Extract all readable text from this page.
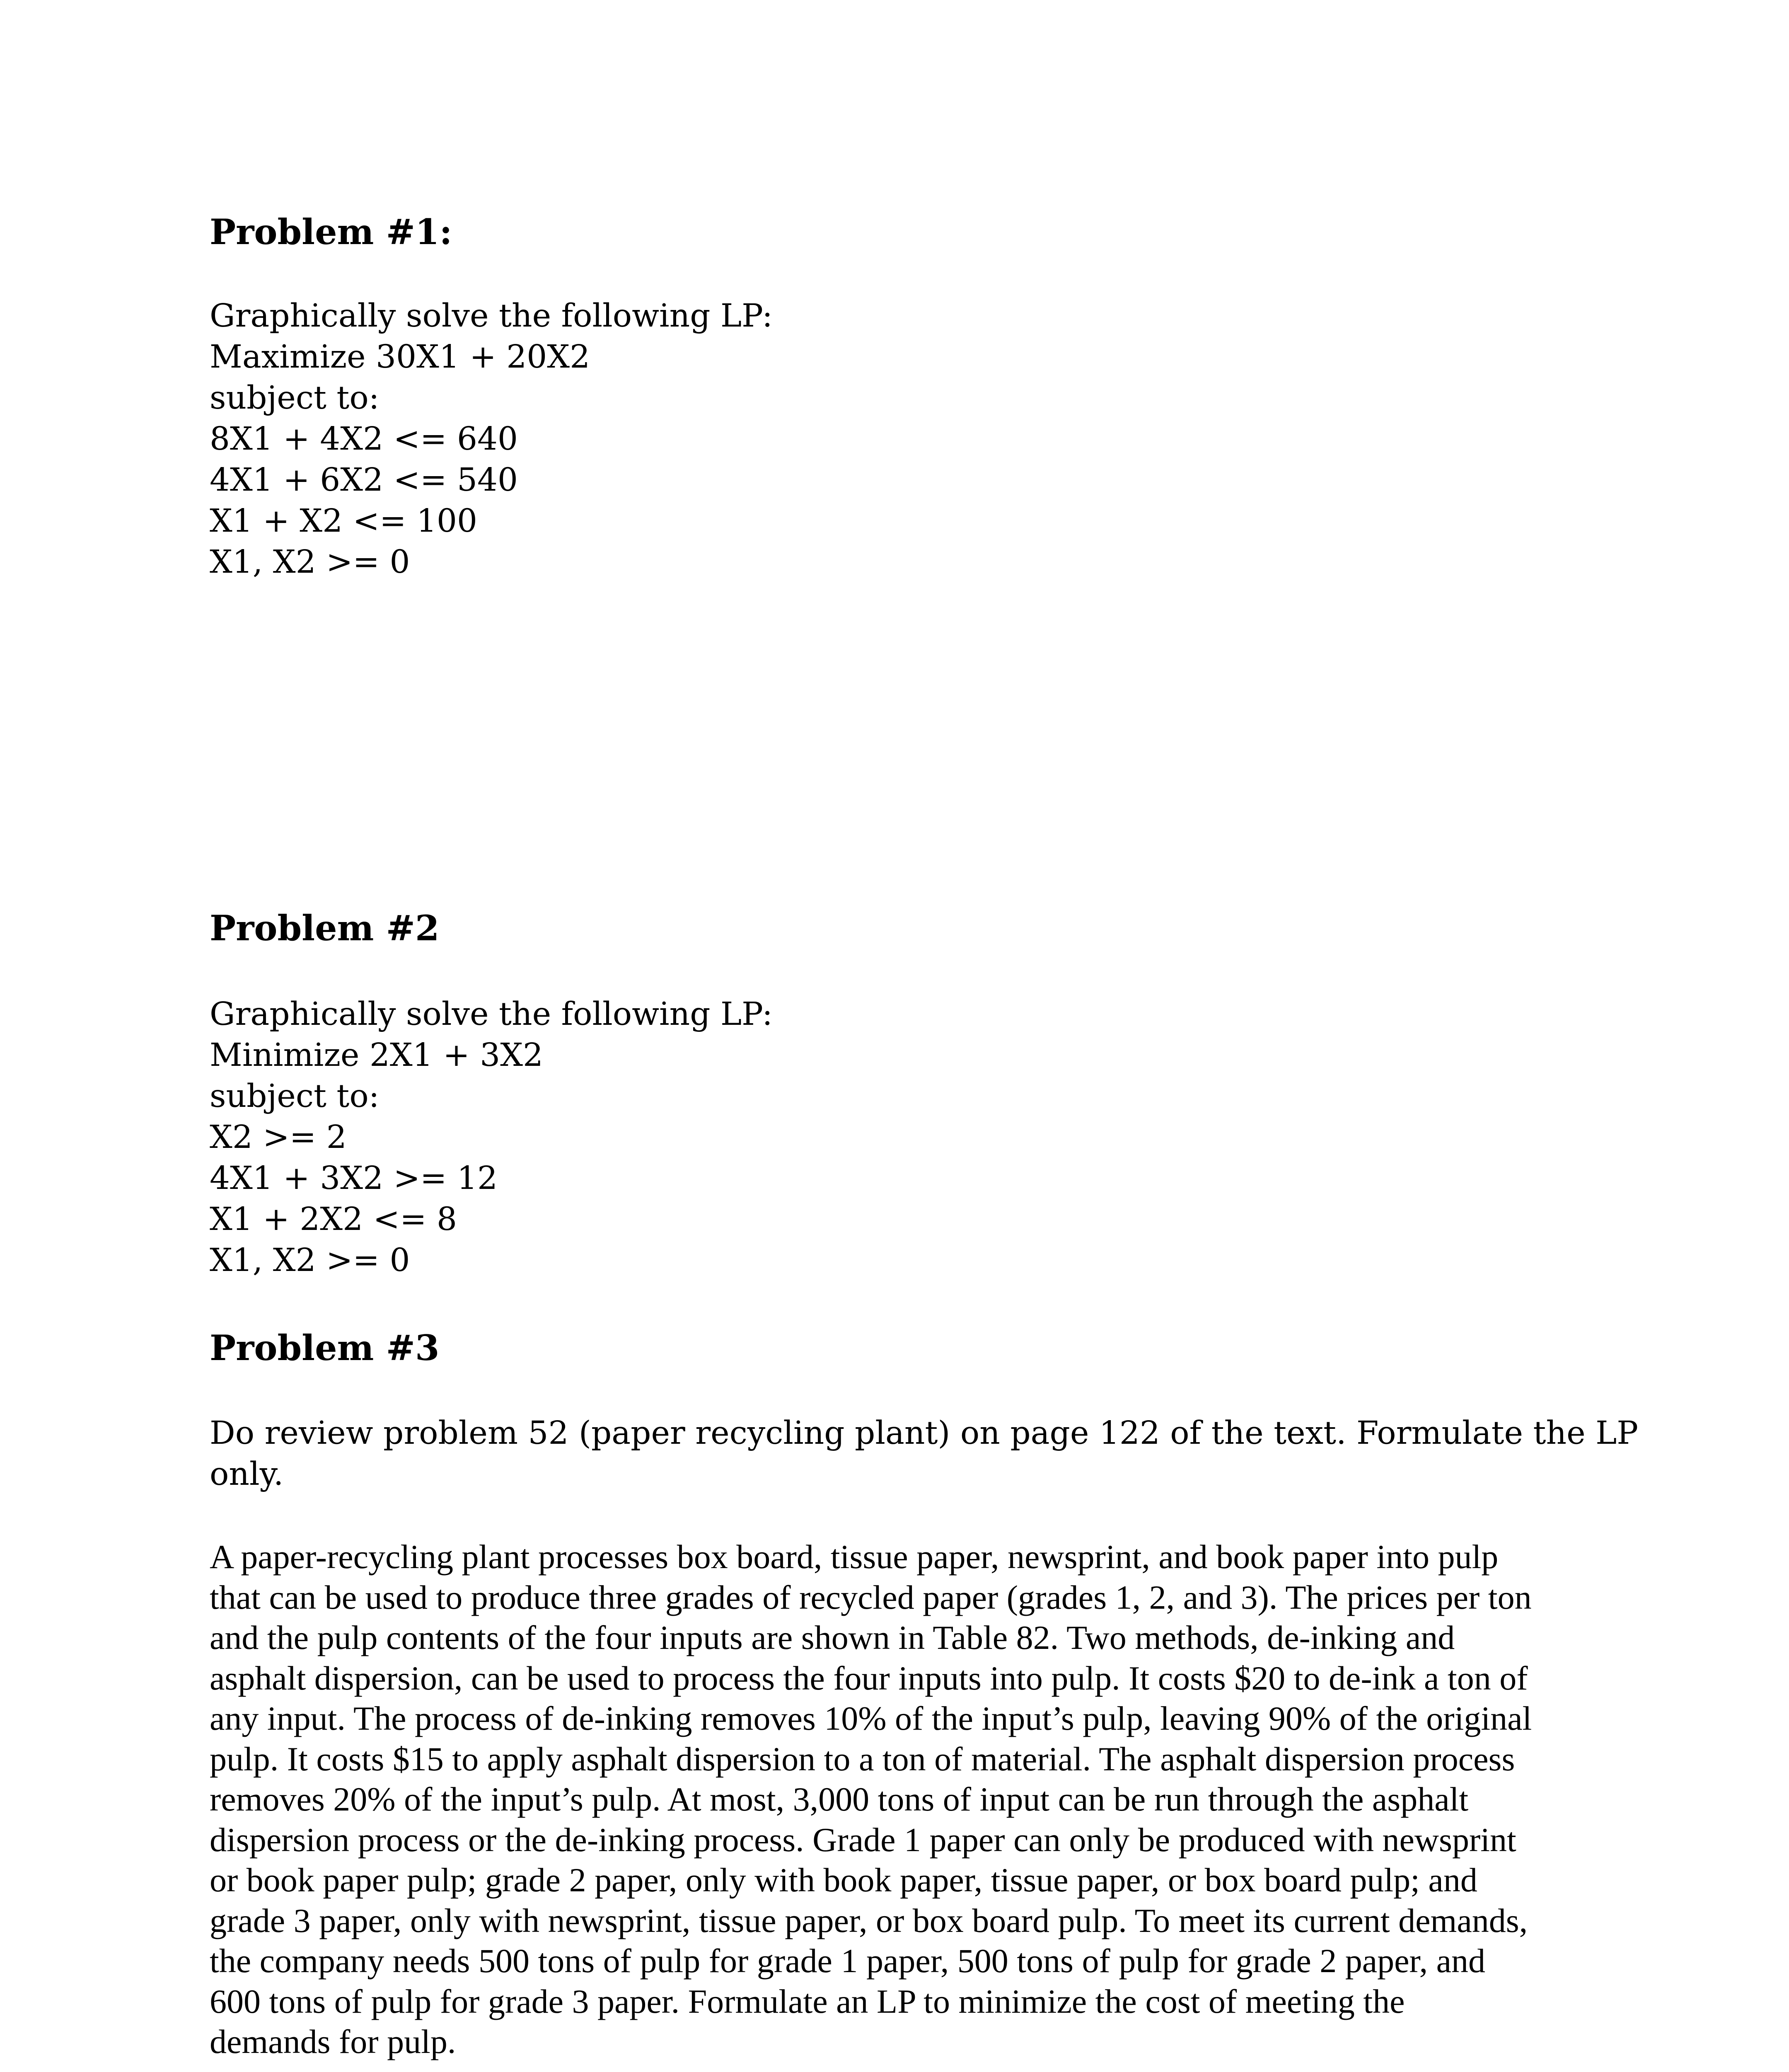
Problem #1:
Graphically solve the following LP:
Maximize 30X1 + 20X2
subject to:
8X1 + 4X2 <= 640
4X1 + 6X2 <= 540
X1 + X2 <= 100
X1, X2 >= 0
Problem #2
Graphically solve the following LP:
Minimize 2X1 + 3X2
subject to:
X2 >= 2
4X1 + 3X2 >= 12
X1 + 2X2 <= 8
X1, X2 >= 0
Problem #3
Do review problem 52 (paper recycling plant) on page 122 of the text. Formulate the LP
only.
A paper-recycling plant processes box board, tissue paper, newsprint, and book paper into pulp
that can be used to produce three grades of recycled paper (grades 1, 2, and 3). The prices per ton
and the pulp contents of the four inputs are shown in Table 82. Two methods, de-inking and
asphalt dispersion, can be used to process the four inputs into pulp. It costs $20 to de-ink a ton of
any input. The process of de-inking removes 10% of the input’s pulp, leaving 90% of the original
pulp. It costs $15 to apply asphalt dispersion to a ton of material. The asphalt dispersion process
removes 20% of the input’s pulp. At most, 3,000 tons of input can be run through the asphalt
dispersion process or the de-inking process. Grade 1 paper can only be produced with newsprint
or book paper pulp; grade 2 paper, only with book paper, tissue paper, or box board pulp; and
grade 3 paper, only with newsprint, tissue paper, or box board pulp. To meet its current demands,
the company needs 500 tons of pulp for grade 1 paper, 500 tons of pulp for grade 2 paper, and
600 tons of pulp for grade 3 paper. Formulate an LP to minimize the cost of meeting the
demands for pulp.
